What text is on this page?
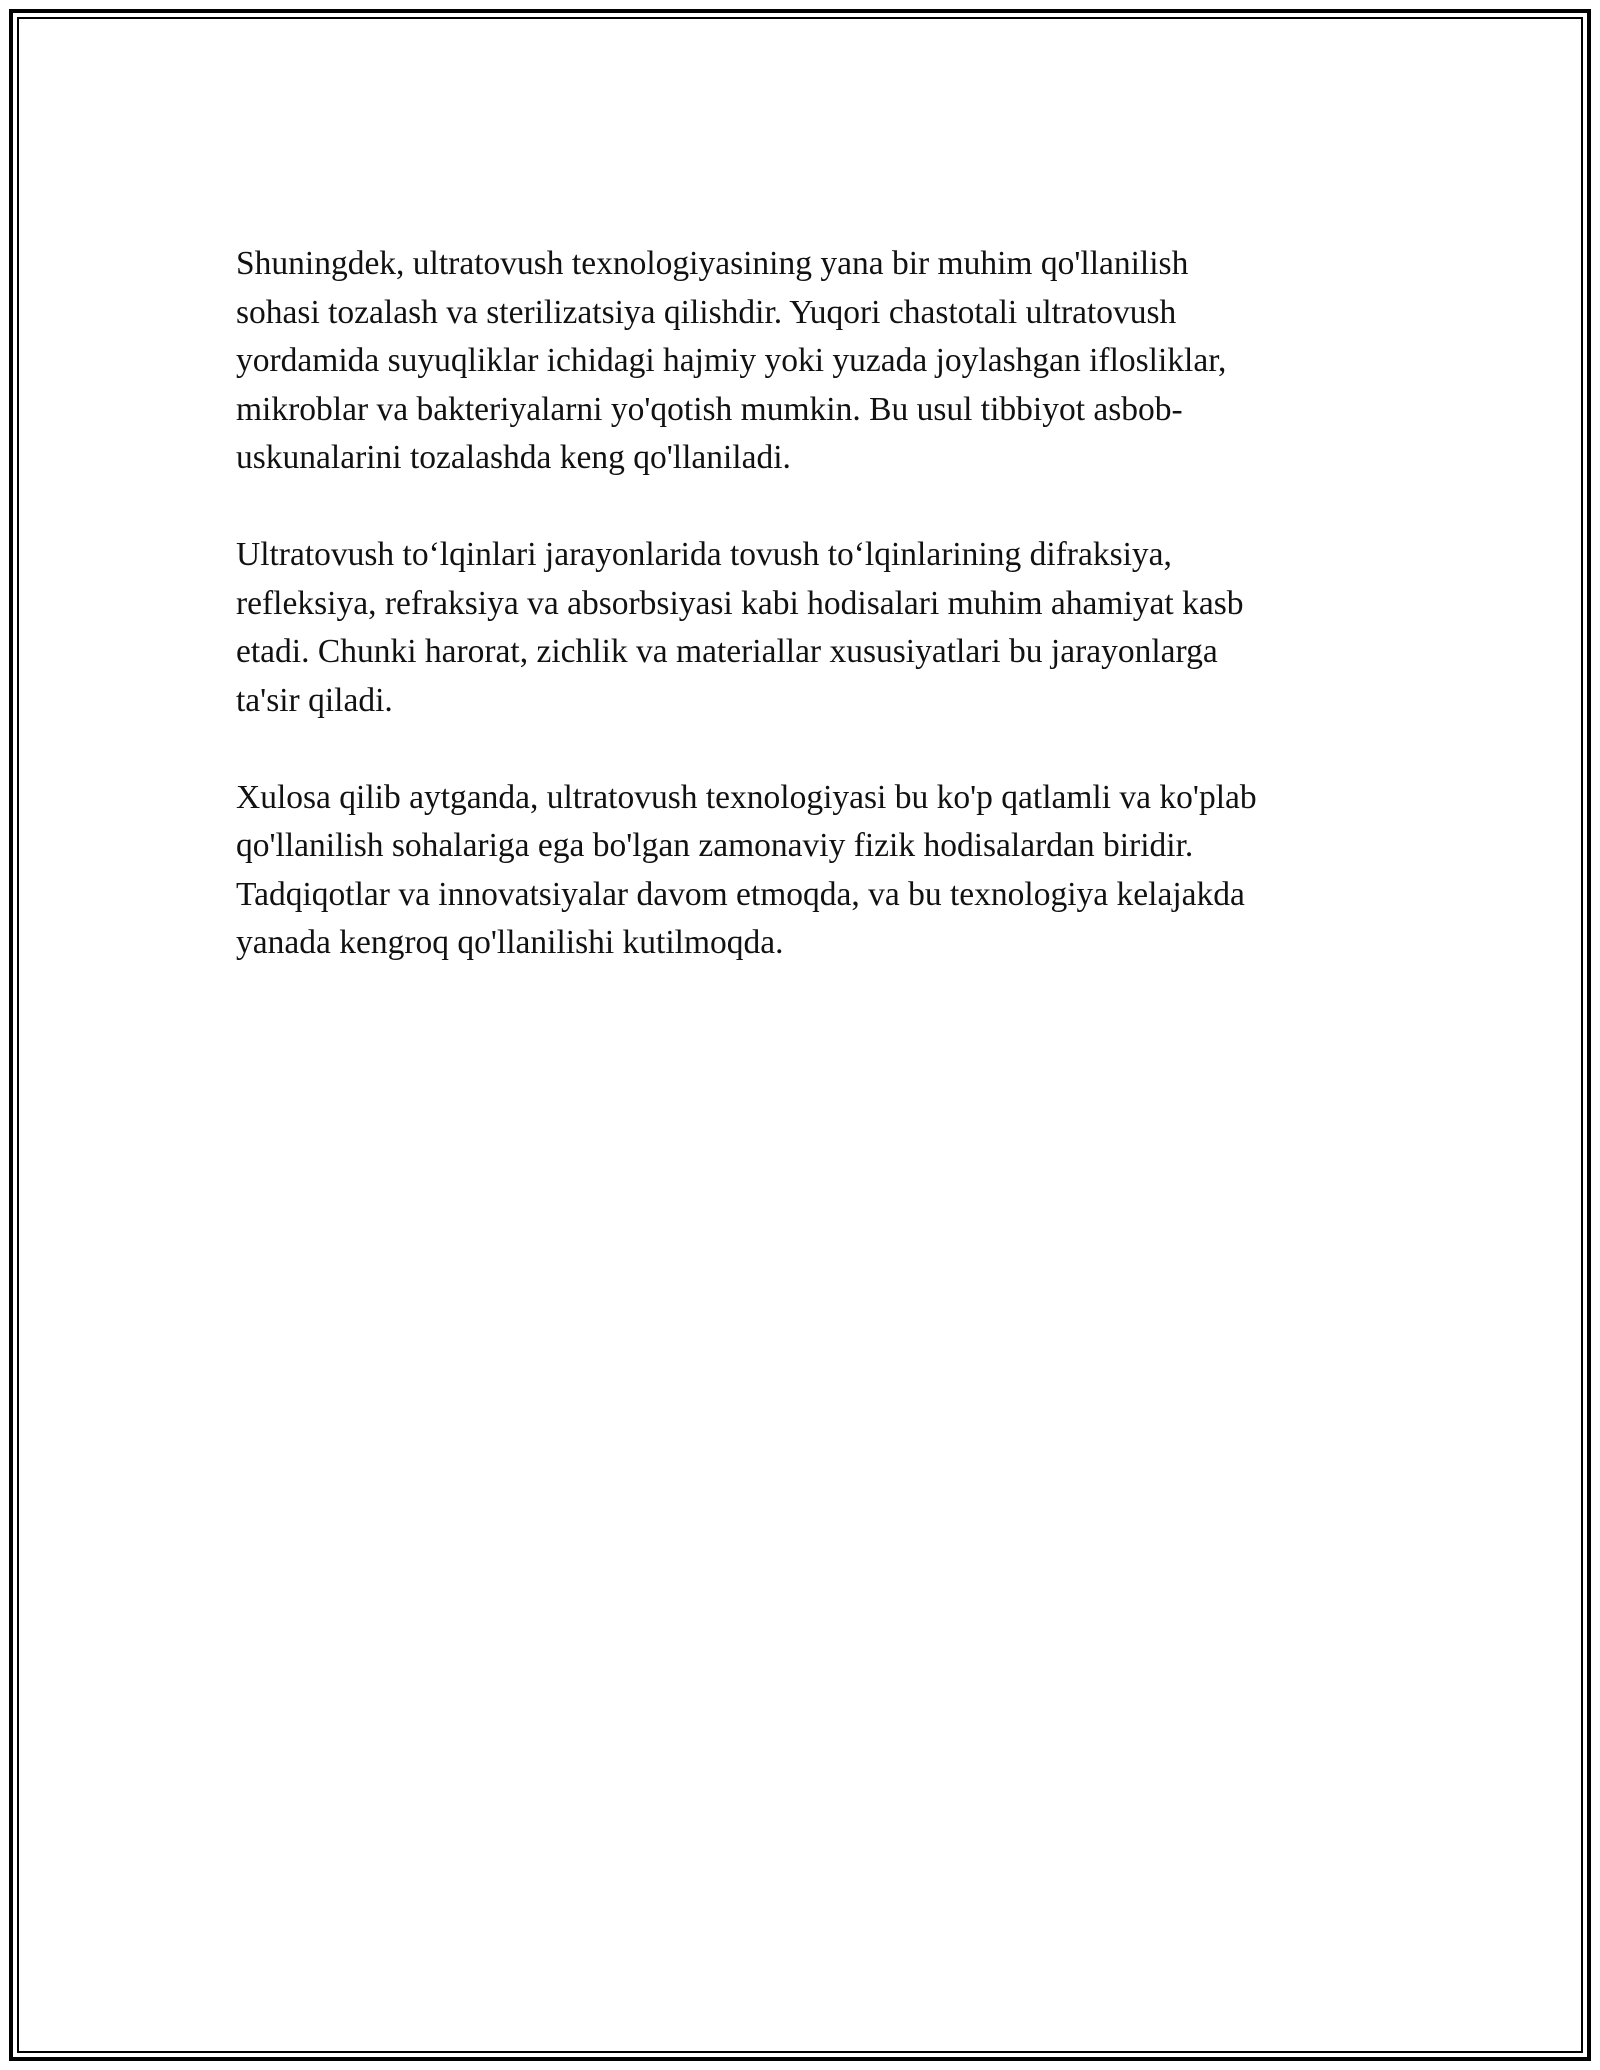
Shuningdek, ultratovush texnologiyasining yana bir muhim qo'llanilish
sohasi tozalash va sterilizatsiya qilishdir. Yuqori chastotali ultratovush
yordamida suyuqliklar ichidagi hajmiy yoki yuzada joylashgan iflosliklar,
mikroblar va bakteriyalarni yo'qotish mumkin. Bu usul tibbiyot asbob-
uskunalarini tozalashda keng qo'llaniladi.

Ultratovush to‘lqinlari jarayonlarida tovush to‘lqinlarining difraksiya,
refleksiya, refraksiya va absorbsiyasi kabi hodisalari muhim ahamiyat kasb
etadi. Chunki harorat, zichlik va materiallar xususiyatlari bu jarayonlarga
ta'sir qiladi.

Xulosa qilib aytganda, ultratovush texnologiyasi bu ko'p qatlamli va ko'plab
qo'llanilish sohalariga ega bo'lgan zamonaviy fizik hodisalardan biridir.
Tadqiqotlar va innovatsiyalar davom etmoqda, va bu texnologiya kelajakda
yanada kengroq qo'llanilishi kutilmoqda.
